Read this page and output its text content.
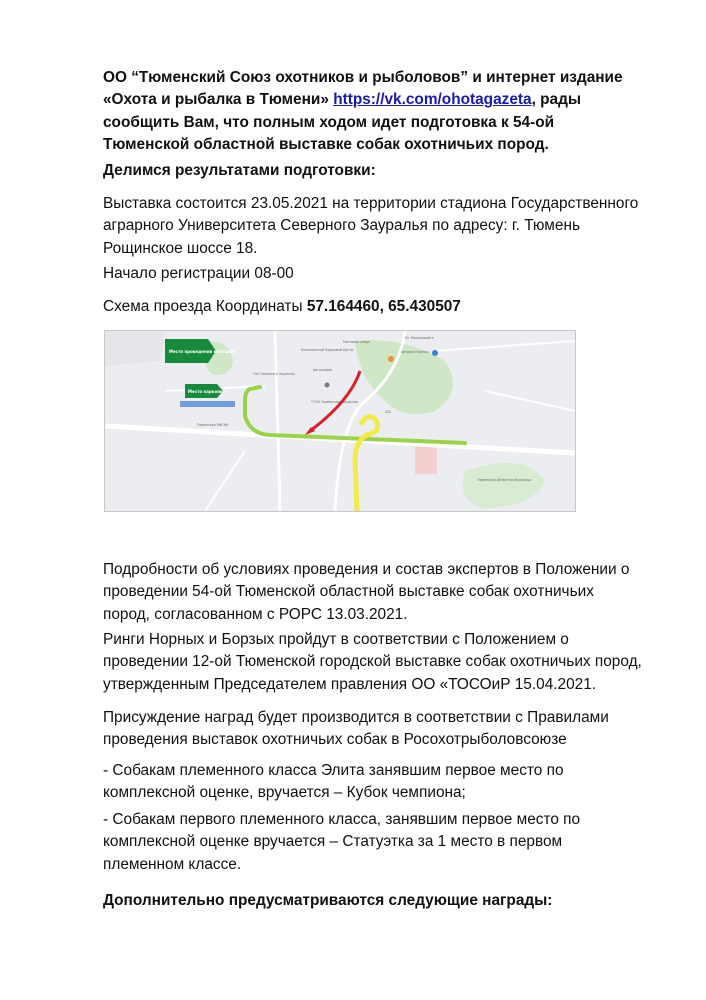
ОО “Тюменский Союз охотников и рыболовов” и интернет издание «Охота и рыбалка в Тюмени» https://vk.com/ohotagazeta, рады сообщить Вам, что полным ходом идет подготовка к 54-ой Тюменской областной выставке собак охотничьих пород.

Делимся результатами подготовки:

Выставка состоится 23.05.2021 на территории стадиона Государственного аграрного Университета Северного Зауралья по адресу: г. Тюмень Рощинское шоссе 18.

Начало регистрации 08-00

Схема проезда Координаты 57.164460, 65.430507

Комплексный Кадровый Центр
Мостовая улица
Автомастерская
Автосервис
Ул. Мельникайте
ГАУ Северного Зауралья
ТСОК Тюменская городская
АЗС
Тюменская областная больница
Тюменское УФСИН
Место проведения выставки
Место парковки

Подробности об условиях проведения и состав экспертов в Положении о проведении 54-ой Тюменской областной выставке собак охотничьих пород, согласованном с РОРС 13.03.2021.

Ринги Норных и Борзых пройдут в соответствии с Положением о проведении 12-ой Тюменской городской выставке собак охотничьих пород, утвержденным Председателем правления ОО «ТОСОиР 15.04.2021.

Присуждение наград будет производится в соответствии с Правилами проведения выставок охотничьих собак в Росохотрыболовсоюзе

- Собакам племенного класса Элита занявшим первое место по комплексной оценке, вручается – Кубок чемпиона;

- Собакам первого племенного класса, занявшим первое место по комплексной оценке вручается – Статуэтка за 1 место в первом племенном классе.

Дополнительно предусматриваются следующие награды:
